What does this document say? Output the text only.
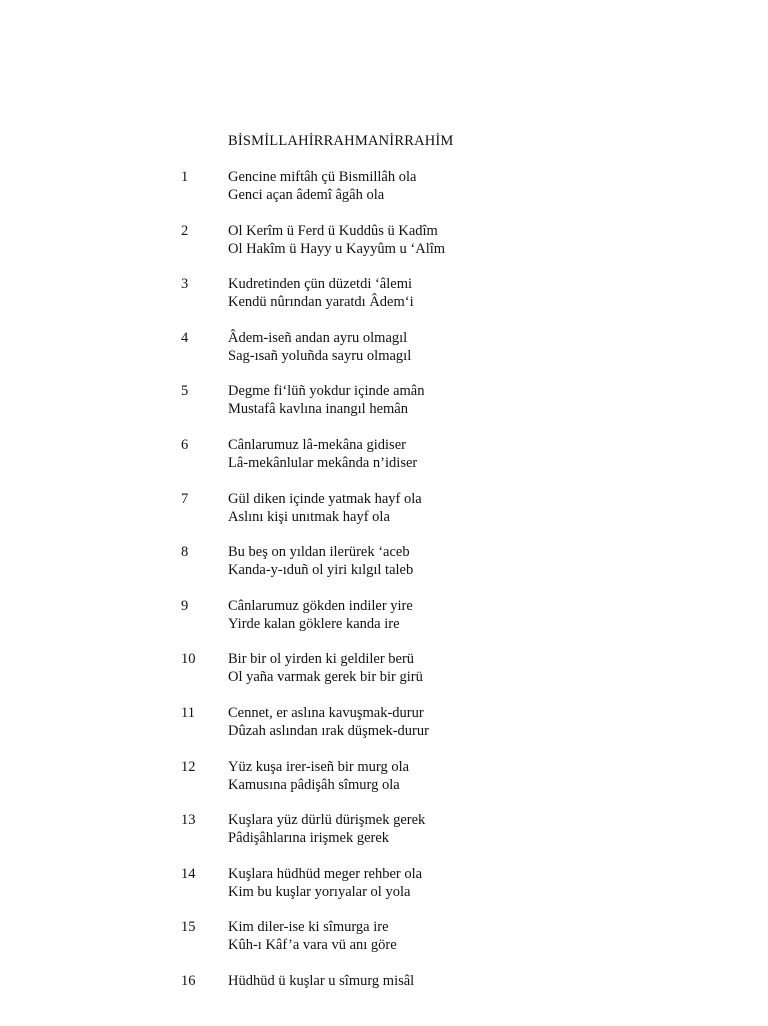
BİSMİLLAHİRRAHMANİRRAHİM
1	Gencine miftâh çü Bismillâh ola
Genci açan âdemî âgâh ola
2	Ol Kerîm ü Ferd ü Kuddûs ü Kadîm
Ol Hakîm ü Hayy u Kayyûm u ‘Alîm
3	Kudretinden çün düzetdi ‘âlemi
Kendü nûrından yaratdı Âdem‘i
4	Âdem-iseñ andan ayru olmagıl
Sag-ısañ yoluñda sayru olmagıl
5	Degme fi‘lüñ yokdur içinde amân
Mustafâ kavlına inangıl hemân
6	Cânlarumuz lâ-mekâna gidiser
Lâ-mekânlular mekânda n’idiser
7	Gül diken içinde yatmak hayf ola
Aslını kişi unıtmak hayf ola
8	Bu beş on yıldan ilerürek ‘aceb
Kanda-y-ıduñ ol yiri kılgıl taleb
9	Cânlarumuz gökden indiler yire
Yirde kalan göklere kanda ire
10 Bir bir ol yirden ki geldiler berü
Ol yaña varmak gerek bir bir girü
11 Cennet, er aslına kavuşmak-durur
Dûzah aslından ırak düşmek-durur
12 Yüz kuşa irer-iseñ bir murg ola
Kamusına pâdişâh sîmurg ola
13 Kuşlara yüz dürlü dürişmek gerek
Pâdişâhlarına irişmek gerek
14 Kuşlara hüdhüd meger rehber ola
Kim bu kuşlar yorıyalar ol yola
15 Kim diler-ise ki sîmurga ire
Kûh-ı Kâf’a vara vü anı göre
16 Hüdhüd ü kuşlar u sîmurg misâl
